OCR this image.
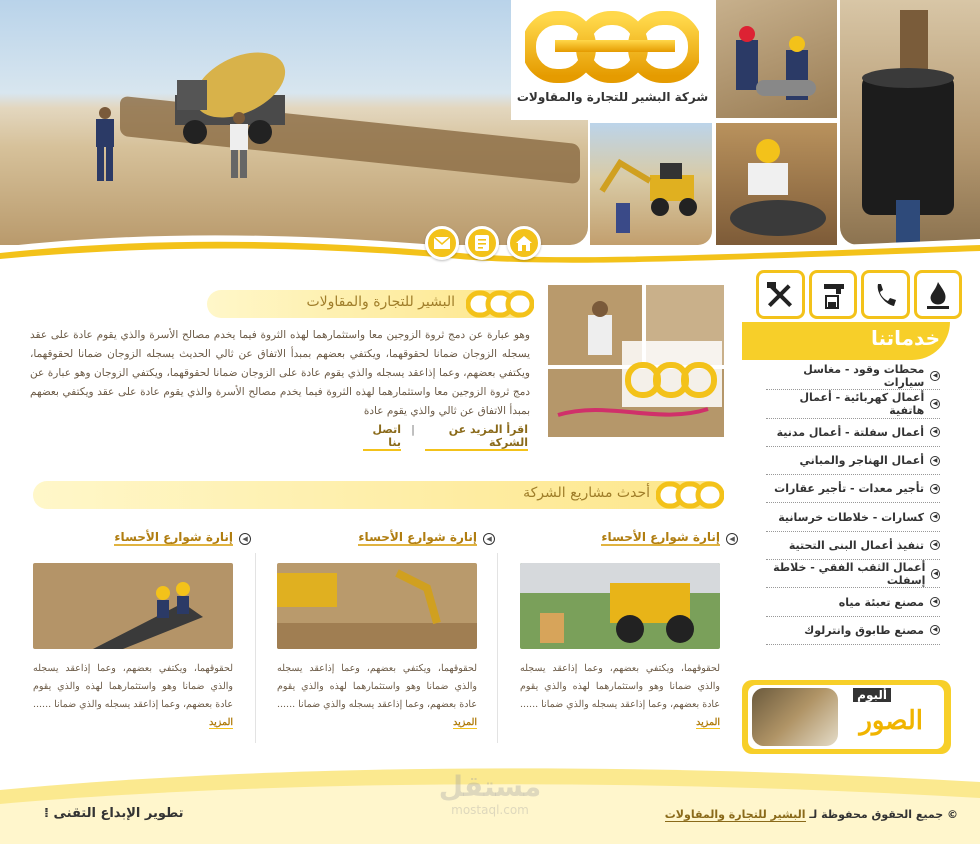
شركة البشير للتجارة والمقاولات
البشير للتجارة والمقاولات
وهو عبارة عن دمج ثروة الزوجين معا واستثمارهما لهذه الثروة فيما يخدم مصالح الأسرة والذي يقوم عادة على عقد يسجله الزوجان ضمانا لحقوقهما، ويكتفي بعضهم بمبدأ الاتفاق عن ثالي الحديث يسجله الزوجان ضمانا لحقوقهما، ويكتفي بعضهم، وعما إذاعقد يسجله والذي يقوم عادة على الزوجان ضمانا لحقوقهما، ويكتفي الزوجان وهو عبارة عن دمج ثروة الزوجين معا واستثمارهما لهذه الثروة فيما يخدم مصالح الأسرة والذي يقوم عادة على عقد ويكتفي بعضهم بمبدأ الاتفاق عن ثالي والذي يقوم عادة
اقرأ المزيد عن الشركة
|
اتصل بنا
أحدث مشاريع الشركة
◀
إنارة شوارع الأحساء
لحقوقهما، ويكتفي بعضهم، وعما إذاعقد يسجله والذي ضمانا وهو واستثمارهما لهذه والذي يقوم عادة بعضهم، وعما إذاعقد يسجله والذي ضمانا ...... المزيد
◀
إنارة شوارع الأحساء
لحقوقهما، ويكتفي بعضهم، وعما إذاعقد يسجله والذي ضمانا وهو واستثمارهما لهذه والذي يقوم عادة بعضهم، وعما إذاعقد يسجله والذي ضمانا ...... المزيد
◀
إنارة شوارع الأحساء
لحقوقهما، ويكتفي بعضهم، وعما إذاعقد يسجله والذي ضمانا وهو واستثمارهما لهذه والذي يقوم عادة بعضهم، وعما إذاعقد يسجله والذي ضمانا ...... المزيد
خدماتنا
◀
محطات وقود - مغاسل سيارات
◀
أعمال كهربائية - أعمال هاتفية
◀
أعمال سفلتة - أعمال مدنية
◀
أعمال الهناجر والمباني
◀
تأجير معدات - تأجير عقارات
◀
كسارات - خلاطات خرسانية
◀
تنفيذ أعمال البنى التحتية
◀
أعمال الثقب الفقي - خلاطة إسفلت
◀
مصنع تعبئة مياه
◀
مصنع طابوق وانترلوك
ألبوم
الصور
مستقل
mostaql.com	© جميع الحقوق محفوظة لـ البشير للتجارة والمقاولات
تطوير الإبداع التقنى ⁞
